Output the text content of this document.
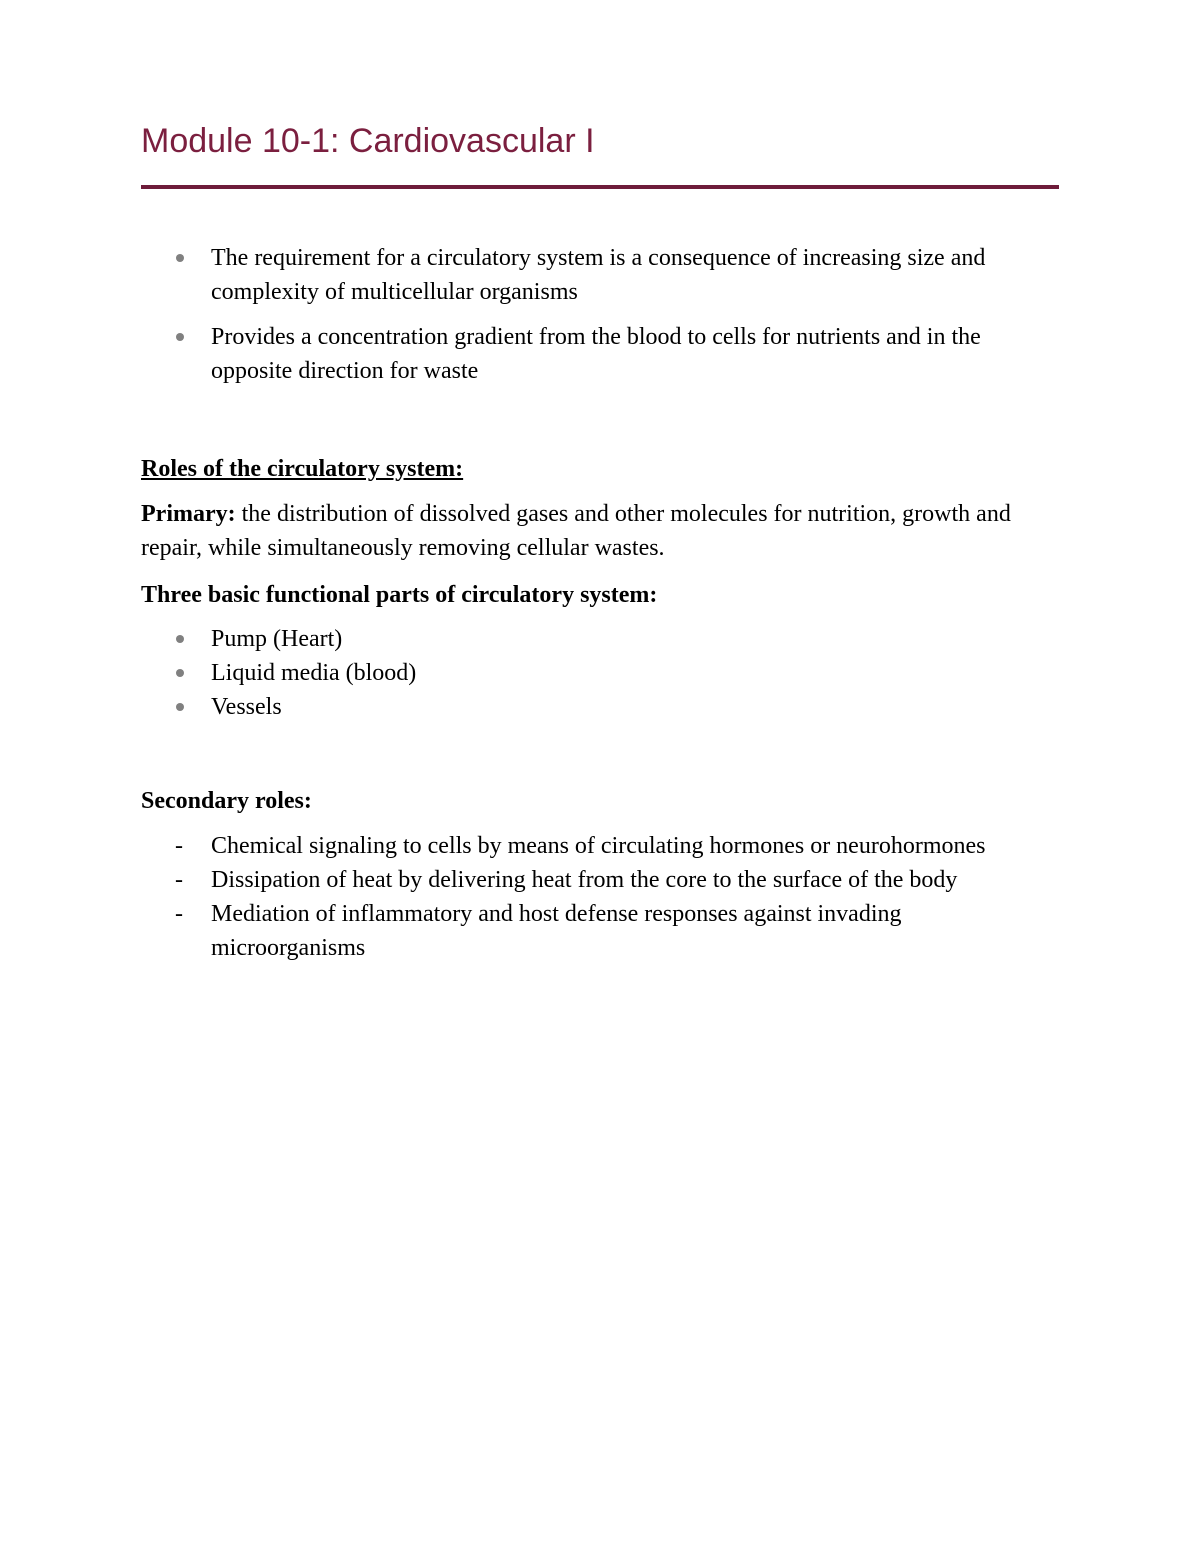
Module 10-1: Cardiovascular I
The requirement for a circulatory system is a consequence of increasing size and complexity of multicellular organisms
Provides a concentration gradient from the blood to cells for nutrients and in the opposite direction for waste
Roles of the circulatory system:

Primary: the distribution of dissolved gases and other molecules for nutrition, growth and repair, while simultaneously removing cellular wastes.

Three basic functional parts of circulatory system:
Pump (Heart)
Liquid media (blood)
Vessels
Secondary roles:
- Chemical signaling to cells by means of circulating hormones or neurohormones
- Dissipation of heat by delivering heat from the core to the surface of the body
- Mediation of inflammatory and host defense responses against invading microorganisms
